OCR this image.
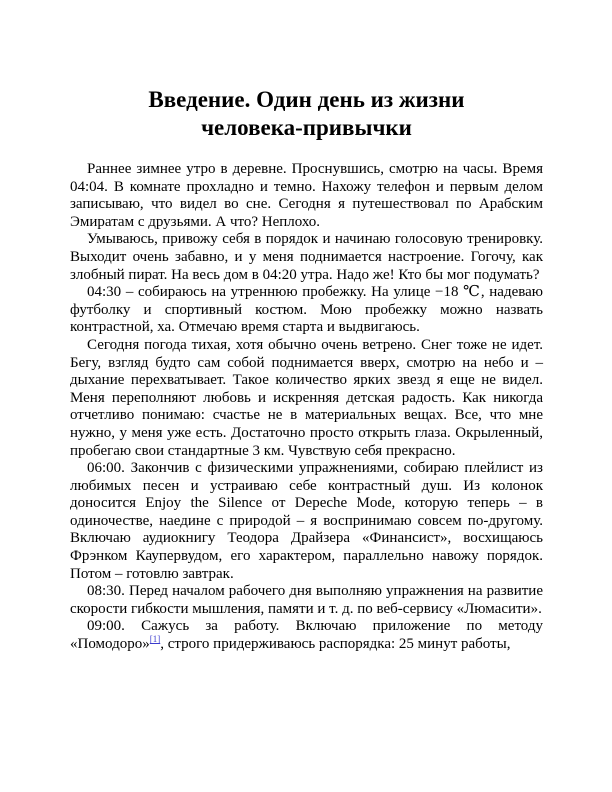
Введение. Один день из жизни
человека-привычки

Раннее зимнее утро в деревне. Проснувшись, смотрю на часы. Время 04:04. В комнате прохладно и темно. Нахожу телефон и первым делом записываю, что видел во сне. Сегодня я путешествовал по Арабским Эмиратам с друзьями. А что? Неплохо.

Умываюсь, привожу себя в порядок и начинаю голосовую тренировку. Выходит очень забавно, и у меня поднимается настроение. Гогочу, как злобный пират. На весь дом в 04:20 утра. Надо же! Кто бы мог подумать?

04:30 – собираюсь на утреннюю пробежку. На улице −18 ℃, надеваю футболку и спортивный костюм. Мою пробежку можно назвать контрастной, ха. Отмечаю время старта и выдвигаюсь.

Сегодня погода тихая, хотя обычно очень ветрено. Снег тоже не идет. Бегу, взгляд будто сам собой поднимается вверх, смотрю на небо и – дыхание перехватывает. Такое количество ярких звезд я еще не видел. Меня переполняют любовь и искренняя детская радость. Как никогда отчетливо понимаю: счастье не в материальных вещах. Все, что мне нужно, у меня уже есть. Достаточно просто открыть глаза. Окрыленный, пробегаю свои стандартные 3 км. Чувствую себя прекрасно.

06:00. Закончив с физическими упражнениями, собираю плейлист из любимых песен и устраиваю себе контрастный душ. Из колонок доносится Enjoy the Silence от Depeche Mode, которую теперь – в одиночестве, наедине с природой – я воспринимаю совсем по-другому. Включаю аудиокнигу Теодора Драйзера «Финансист», восхищаюсь Фрэнком Каупервудом, его характером, параллельно навожу порядок. Потом – готовлю завтрак.

08:30. Перед началом рабочего дня выполняю упражнения на развитие скорости гибкости мышления, памяти и т. д. по веб-сервису «Люмасити».

09:00. Сажусь за работу. Включаю приложение по методу «Помодоро»[1], строго придерживаюсь распорядка: 25 минут работы,
